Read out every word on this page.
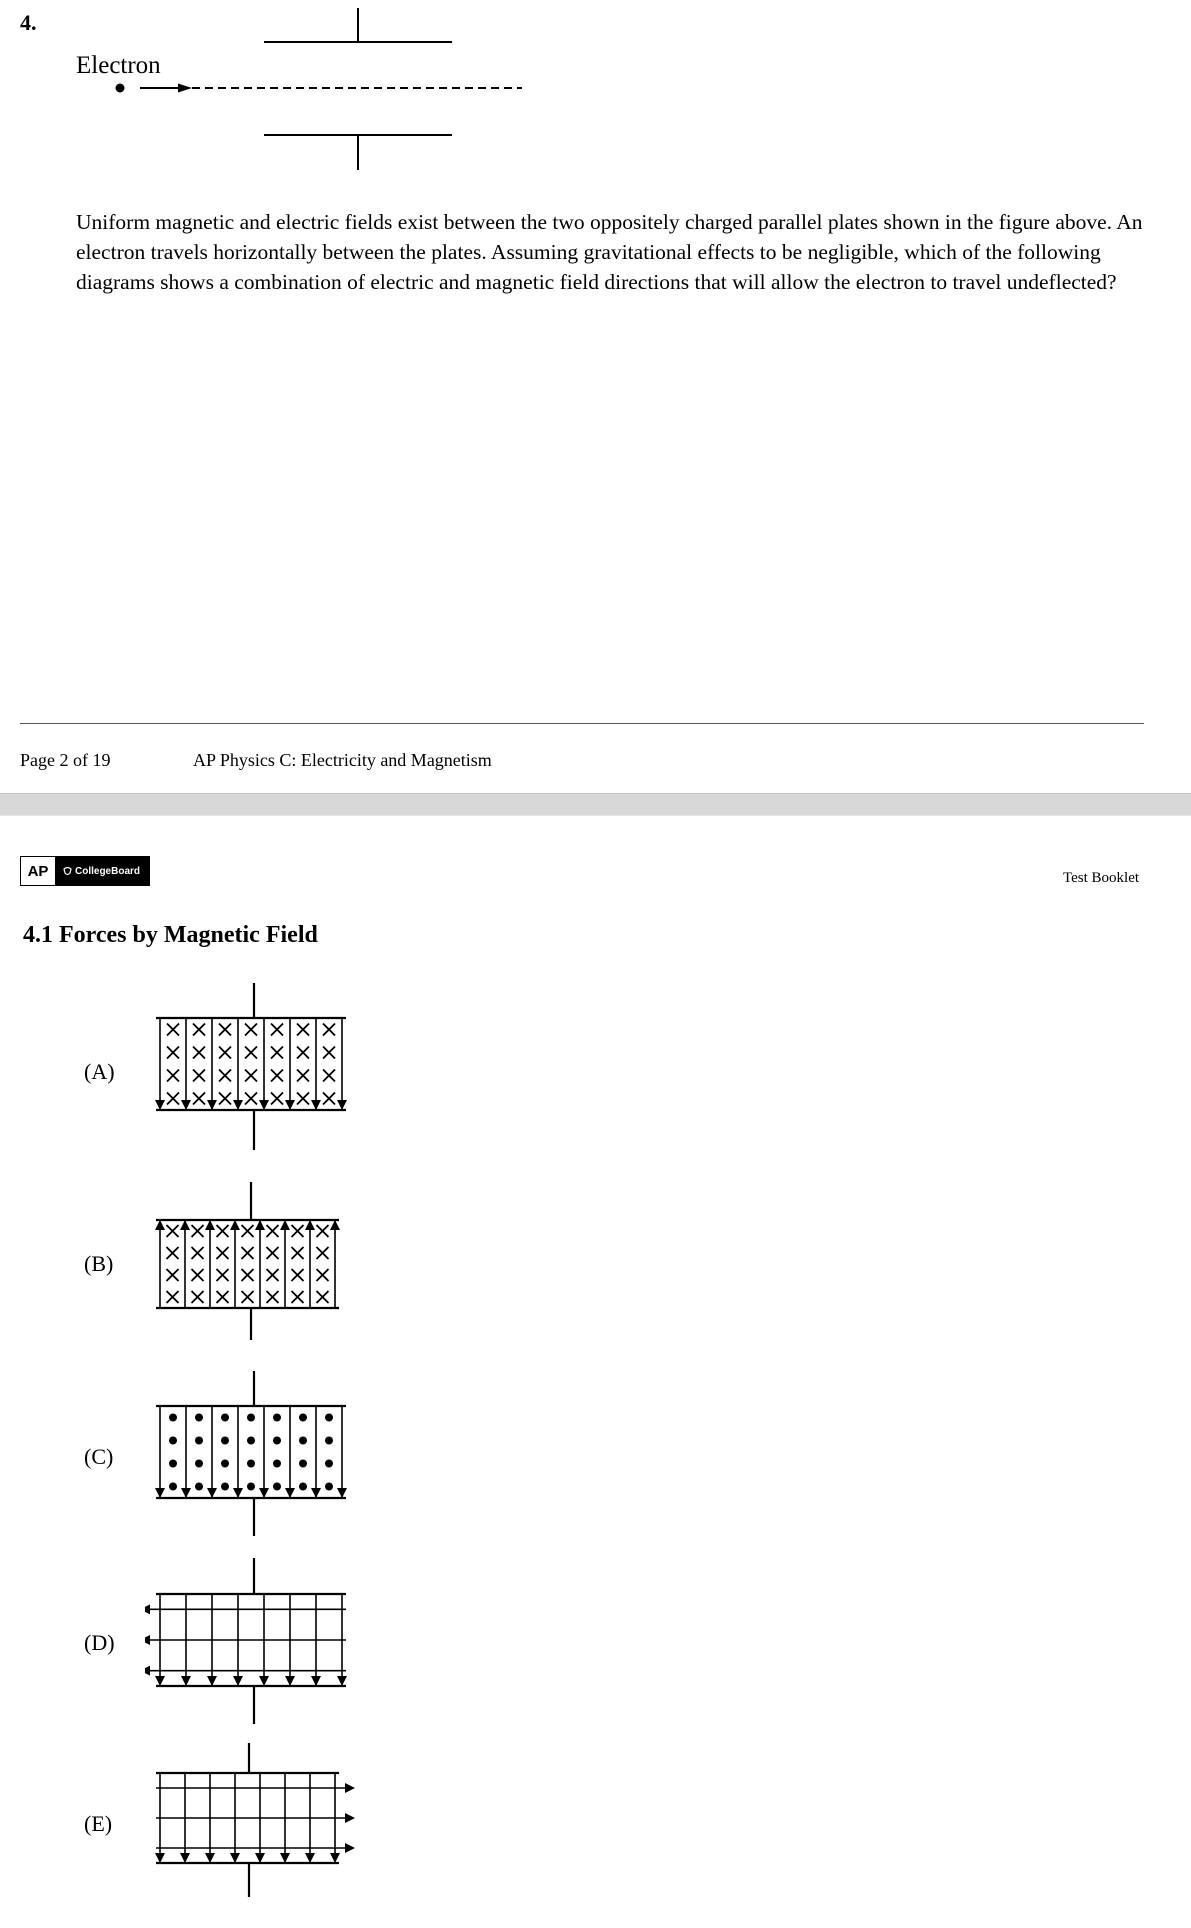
4.
Electron
Uniform magnetic and electric fields exist between the two oppositely charged parallel plates shown in the figure above. An electron travels horizontally between the plates. Assuming gravitational effects to be negligible, which of the following diagrams shows a combination of electric and magnetic field directions that will allow the electron to travel undeflected?
Page 2 of 19	AP Physics C: Electricity and Magnetism
AP	CollegeBoard	Test Booklet
4.1 Forces by Magnetic Field
(A)
(B)
(C)
(D)
(E)
